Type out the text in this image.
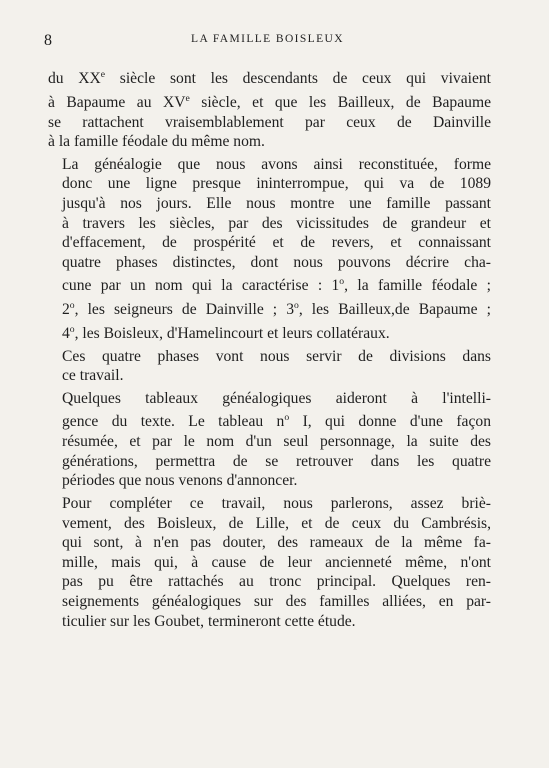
8	LA FAMILLE BOISLEUX

du XXe siècle sont les descendants de ceux qui vivaient
à Bapaume au XVe siècle, et que les Bailleux, de Bapaume
se rattachent vraisemblablement par ceux de Dainville
à la famille féodale du même nom.

La généalogie que nous avons ainsi reconstituée, forme
donc une ligne presque ininterrompue, qui va de 1089
jusqu'à nos jours. Elle nous montre une famille passant
à travers les siècles, par des vicissitudes de grandeur et
d'effacement, de prospérité et de revers, et connaissant
quatre phases distinctes, dont nous pouvons décrire cha-
cune par un nom qui la caractérise : 1$^o$, la famille féodale ;
2$^o$, les seigneurs de Dainville ; 3$^o$, les Bailleux,de Bapaume ;
4$^o$, les Boisleux, d'Hamelincourt et leurs collatéraux.

Ces quatre phases vont nous servir de divisions dans
ce travail.

Quelques tableaux généalogiques aideront à l'intelli-
gence du texte. Le tableau $n^o$ I, qui donne d'une façon
résumée, et par le nom d'un seul personnage, la suite des
générations, permettra de se retrouver dans les quatre
périodes que nous venons d'annoncer.

Pour compléter ce travail, nous parlerons, assez briè-
vement, des Boisleux, de Lille, et de ceux du Cambrésis,
qui sont, à n'en pas douter, des rameaux de la même fa-
mille, mais qui, à cause de leur ancienneté même, n'ont
pas pu être rattachés au tronc principal. Quelques ren-
seignements généalogiques sur des familles alliées, en par-
ticulier sur les Goubet, termineront cette étude.
